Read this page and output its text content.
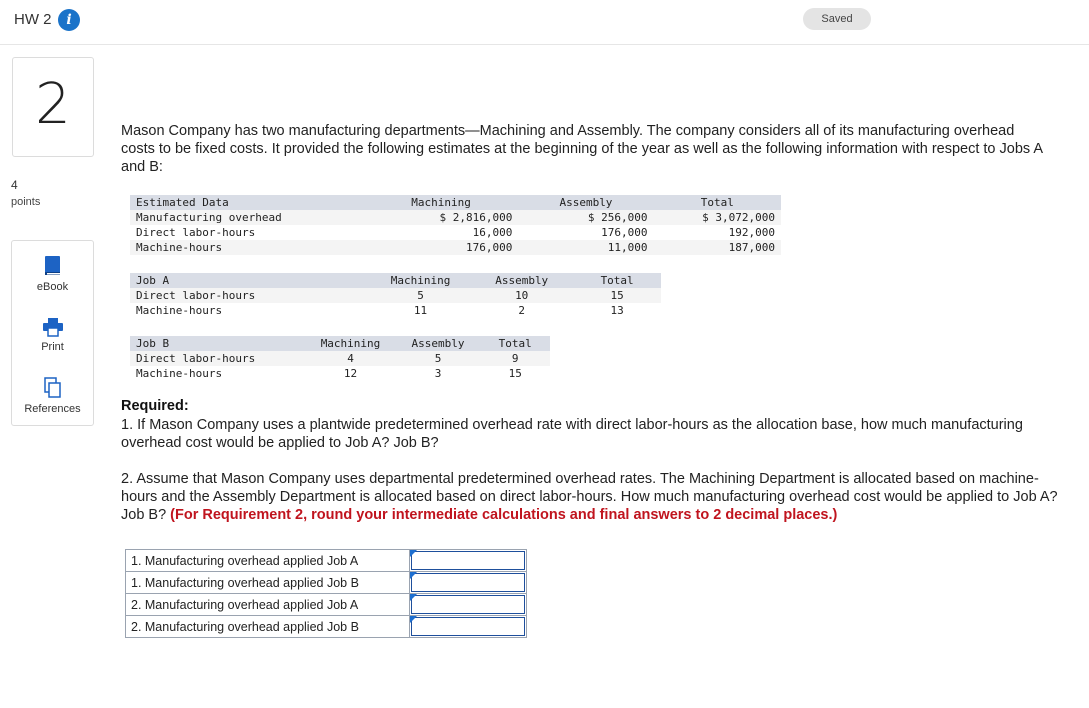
HW 2	i	Saved
2
4
points
eBook
Print
References
Mason Company has two manufacturing departments—Machining and Assembly. The company considers all of its manufacturing overhead costs to be fixed costs. It provided the following estimates at the beginning of the year as well as the following information with respect to Jobs A and B:
Estimated Data	Machining	Assembly	Total
Manufacturing overhead	$ 2,816,000	$ 256,000	$ 3,072,000
Direct labor-hours	16,000	176,000	192,000
Machine-hours	176,000	11,000	187,000
Job A	Machining	Assembly	Total
Direct labor-hours	5	10	15
Machine-hours	11	2	13
Job B	Machining	Assembly	Total
Direct labor-hours	4	5	9
Machine-hours	12	3	15
Required:
1. If Mason Company uses a plantwide predetermined overhead rate with direct labor-hours as the allocation base, how much manufacturing overhead cost would be applied to Job A? Job B?
2. Assume that Mason Company uses departmental predetermined overhead rates. The Machining Department is allocated based on machine-hours and the Assembly Department is allocated based on direct labor-hours. How much manufacturing overhead cost would be applied to Job A? Job B? (For Requirement 2, round your intermediate calculations and final answers to 2 decimal places.)
1. Manufacturing overhead applied Job A	

1. Manufacturing overhead applied Job B	

2. Manufacturing overhead applied Job A	

2. Manufacturing overhead applied Job B	
